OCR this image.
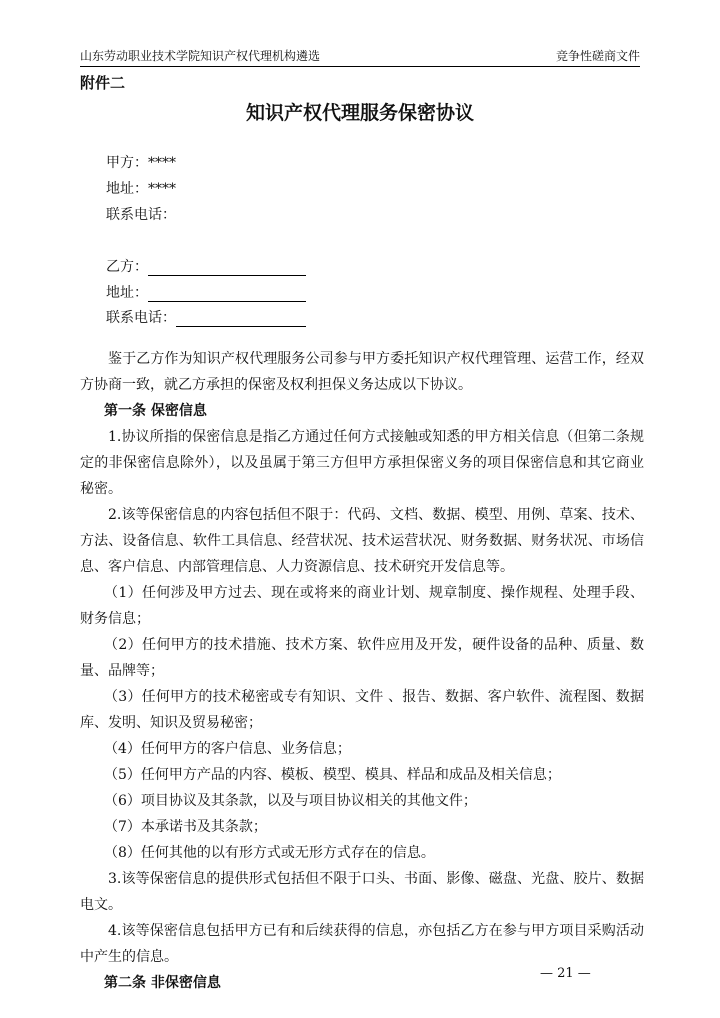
山东劳动职业技术学院知识产权代理机构遴选	竞争性磋商文件
附件二
知识产权代理服务保密协议
甲方：****
地址：****
联系电话：
乙方：
地址：
联系电话：

鉴于乙方作为知识产权代理服务公司参与甲方委托知识产权代理管理、运营工作，经双方协商一致，就乙方承担的保密及权利担保义务达成以下协议。

第一条 保密信息

1.协议所指的保密信息是指乙方通过任何方式接触或知悉的甲方相关信息（但第二条规定的非保密信息除外），以及虽属于第三方但甲方承担保密义务的项目保密信息和其它商业秘密。

2.该等保密信息的内容包括但不限于：代码、文档、数据、模型、用例、草案、技术、方法、设备信息、软件工具信息、经营状况、技术运营状况、财务数据、财务状况、市场信息、客户信息、内部管理信息、人力资源信息、技术研究开发信息等。

（1）任何涉及甲方过去、现在或将来的商业计划、规章制度、操作规程、处理手段、财务信息；

（2）任何甲方的技术措施、技术方案、软件应用及开发，硬件设备的品种、质量、数量、品牌等；

（3）任何甲方的技术秘密或专有知识、文件 、报告、数据、客户软件、流程图、数据库、发明、知识及贸易秘密；

（4）任何甲方的客户信息、业务信息；

（5）任何甲方产品的内容、模板、模型、模具、样品和成品及相关信息；

（6）项目协议及其条款，以及与项目协议相关的其他文件；

（7）本承诺书及其条款；

（8）任何其他的以有形方式或无形方式存在的信息。

3.该等保密信息的提供形式包括但不限于口头、书面、影像、磁盘、光盘、胶片、数据电文。

4.该等保密信息包括甲方已有和后续获得的信息，亦包括乙方在参与甲方项目采购活动中产生的信息。

第二条 非保密信息

— 21 —
